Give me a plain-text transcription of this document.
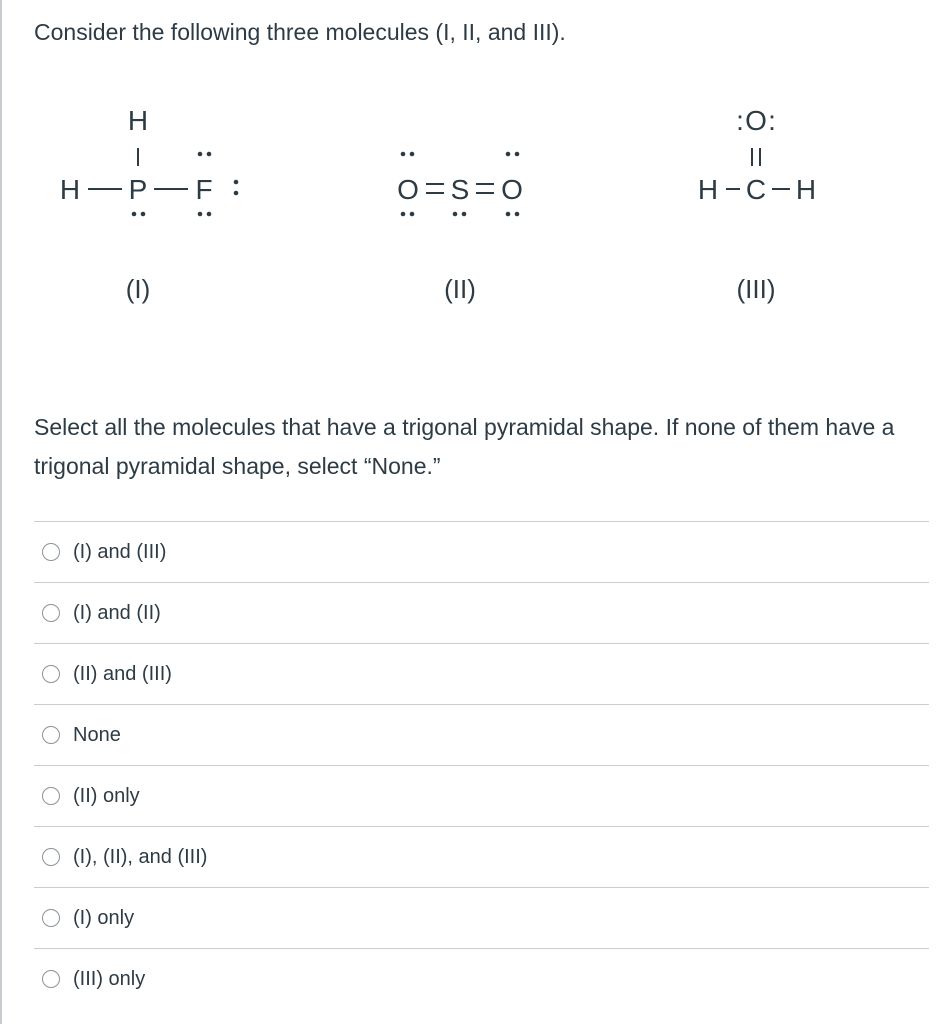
Consider the following three molecules (I, II, and III).

H
H P F
(I)
O S O
(II)
O
: :
H C H
(III)

Select all the molecules that have a trigonal pyramidal shape. If none of them have a trigonal pyramidal shape, select “None.”

(I) and (III)
(I) and (II)
(II) and (III)
None
(II) only
(I), (II), and (III)
(I) only
(III) only
